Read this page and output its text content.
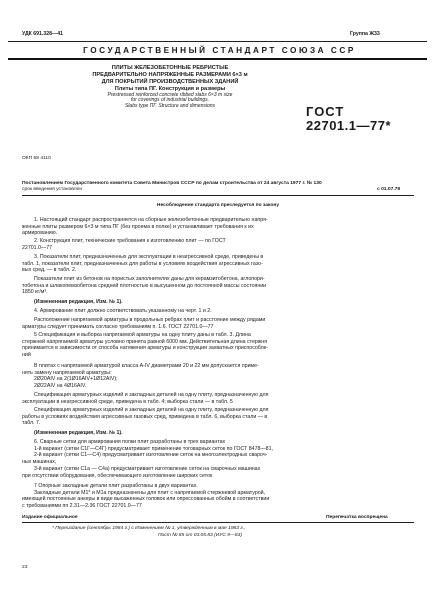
УДК 691.328—41	Группа Ж33
ГОСУДАРСТВЕННЫЙ СТАНДАРТ СОЮЗА ССР
ПЛИТЫ ЖЕЛЕЗОБЕТОННЫЕ РЕБРИСТЫЕ
ПРЕДВАРИТЕЛЬНО НАПРЯЖЕННЫЕ РАЗМЕРАМИ 6×3 м
ДЛЯ ПОКРЫТИЙ ПРОИЗВОДСТВЕННЫХ ЗДАНИЙ
Плиты типа ПГ. Конструкция и размеры
Prestressed reinforced concrete ribbed slabs 6×3 m size
for coverings of industrial buildings.
Slabs type ПГ. Structure and dimensions	ГОСТ
22701.1—77*
ОКП 58 4110
Постановлением Государственного комитета Совета Министров СССР по делам строительства от 24 августа 1977 г. № 130
срок введения установлен	с 01.07.78
Несоблюдение стандарта преследуется по закону
1. Настоящий стандарт распространяется на сборные железобетонные предварительно напря-
женные плиты размером 6×3 м типа ПГ (без проема в полке) и устанавливает требования к их
армированию.
2. Конструкция плит, технические требования к изготовлению плит — по ГОСТ
22701.0—77
3. Показатели плит, предназначенных для эксплуатации в неагрессивной среде, приведены в
табл. 1, показатели плит, предназначенных для работы в условиях воздействия агрессивных газо-
вых сред, — в табл. 2.
Показатели плит из бетонов на пористых заполнителях даны для керамзитобетона, аглопори-
тобетона и шлакопемзобетона средней плотностью в высушенном до постоянной массы состоянии
1850 кг/м³.
(Измененная редакция, Изм. № 1).
4. Армирование плит должно соответствовать указанному на черт. 1 и 2.
Расположение напрягаемой арматуры в продольных ребрах плит и расстояние между рядами
арматуры следует принимать согласно требованиям п. 1.6. ГОСТ 22701.0—77
5 Спецификация и выборка напрягаемой арматуры на одну плиту даны в табл. 3. Длина
стержней напрягаемой арматуры условно принята равной 6000 мм. Действительная длина стержня
принимается в зависимости от способа натяжения арматуры и конструкции захватных приспособле-
ний
В плитах с напрягаемой арматурой класса A-IV диаметрами 20 и 22 мм допускается приме-
нять замену напрягаемой арматуры:
2Ø20AIV на 2(1Ø16AIV+1Ø12AIV);
2Ø22AIV на 4Ø16AIV.
Спецификация арматурных изделий и закладных деталей на одну плиту, предназначенную для
эксплуатации в неагрессивной среде, приведена в табл. 4; выборка стали — в табл. 5
Спецификация арматурных изделий и закладных деталей на одну плиту, предназначенную для
работы в условиях воздействия агрессивных газовых сред, приведена в табл. 6, выборка стали — в
табл. 7.
(Измененная редакция, Изм. № 1).
6. Сварные сетки для армирования полки плит разработаны в трех вариантах
1-й вариант (сетки C1Г—C4Г) предусматривает применение тоговарных сеток по ГОСТ 8478—81,
2-й вариант (сетки C1—C4) предусматривает изготовление сеток на многоэлектродных свароч-
ных машинах,
3-й вариант (сетки C1a — C4a) предусматривает изготовление сеток на сварочных машинах
при отсутствии оборудования, обеспечивающего изготовление широких сеток
7 Опорные закладные детали плит разработаны в двух вариантах.
Закладные детали M1* и M1а предназначены для плит с напрягаемой стержневой арматурой,
имеющей постоянные анкеры в виде высаженных головок или опрессованных обойм в соответствии
с требованиями пп 2.31—2.36 ГОСТ 22701.0—77
Издание официальное	Перепечатка воспрещена
* Переиздание (сентябрь 1984 г.) с Изменением № 1, утвержденным в мае 1983 г.,
Пост № 85 от 03.05.83 (ИУС 9—83)
23
